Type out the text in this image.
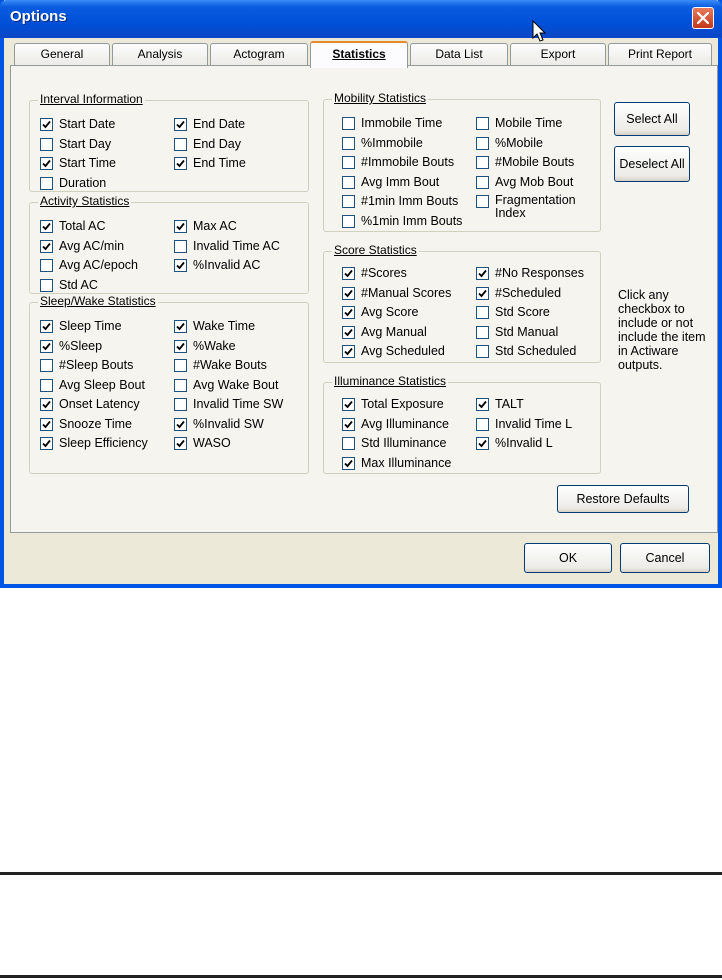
Options
General	Analysis	Actogram	Statistics	Data List	Export	Print Report
Interval Information
Start Date	End Date
Start Day	End Day
Start Time	End Time
Duration
Activity Statistics
Total AC	Max AC
Avg AC/min	Invalid Time AC
Avg AC/epoch	%Invalid AC
Std AC
Sleep/Wake Statistics
Sleep Time	Wake Time
%Sleep	%Wake
#Sleep Bouts	#Wake Bouts
Avg Sleep Bout	Avg Wake Bout
Onset Latency	Invalid Time SW
Snooze Time	%Invalid SW
Sleep Efficiency	WASO
Mobility Statistics
Immobile Time	Mobile Time
%Immobile	%Mobile
#Immobile Bouts	#Mobile Bouts
Avg Imm Bout	Avg Mob Bout
#1min Imm Bouts	Fragmentation Index
%1min Imm Bouts
Score Statistics
#Scores	#No Responses
#Manual Scores	#Scheduled
Avg Score	Std Score
Avg Manual	Std Manual
Avg Scheduled	Std Scheduled
Illuminance Statistics
Total Exposure	TALT
Avg Illuminance	Invalid Time L
Std Illuminance	%Invalid L
Max Illuminance
Select All
Deselect All
Restore Defaults
Click any checkbox to include or not include the item in Actiware outputs.
OK	Cancel
